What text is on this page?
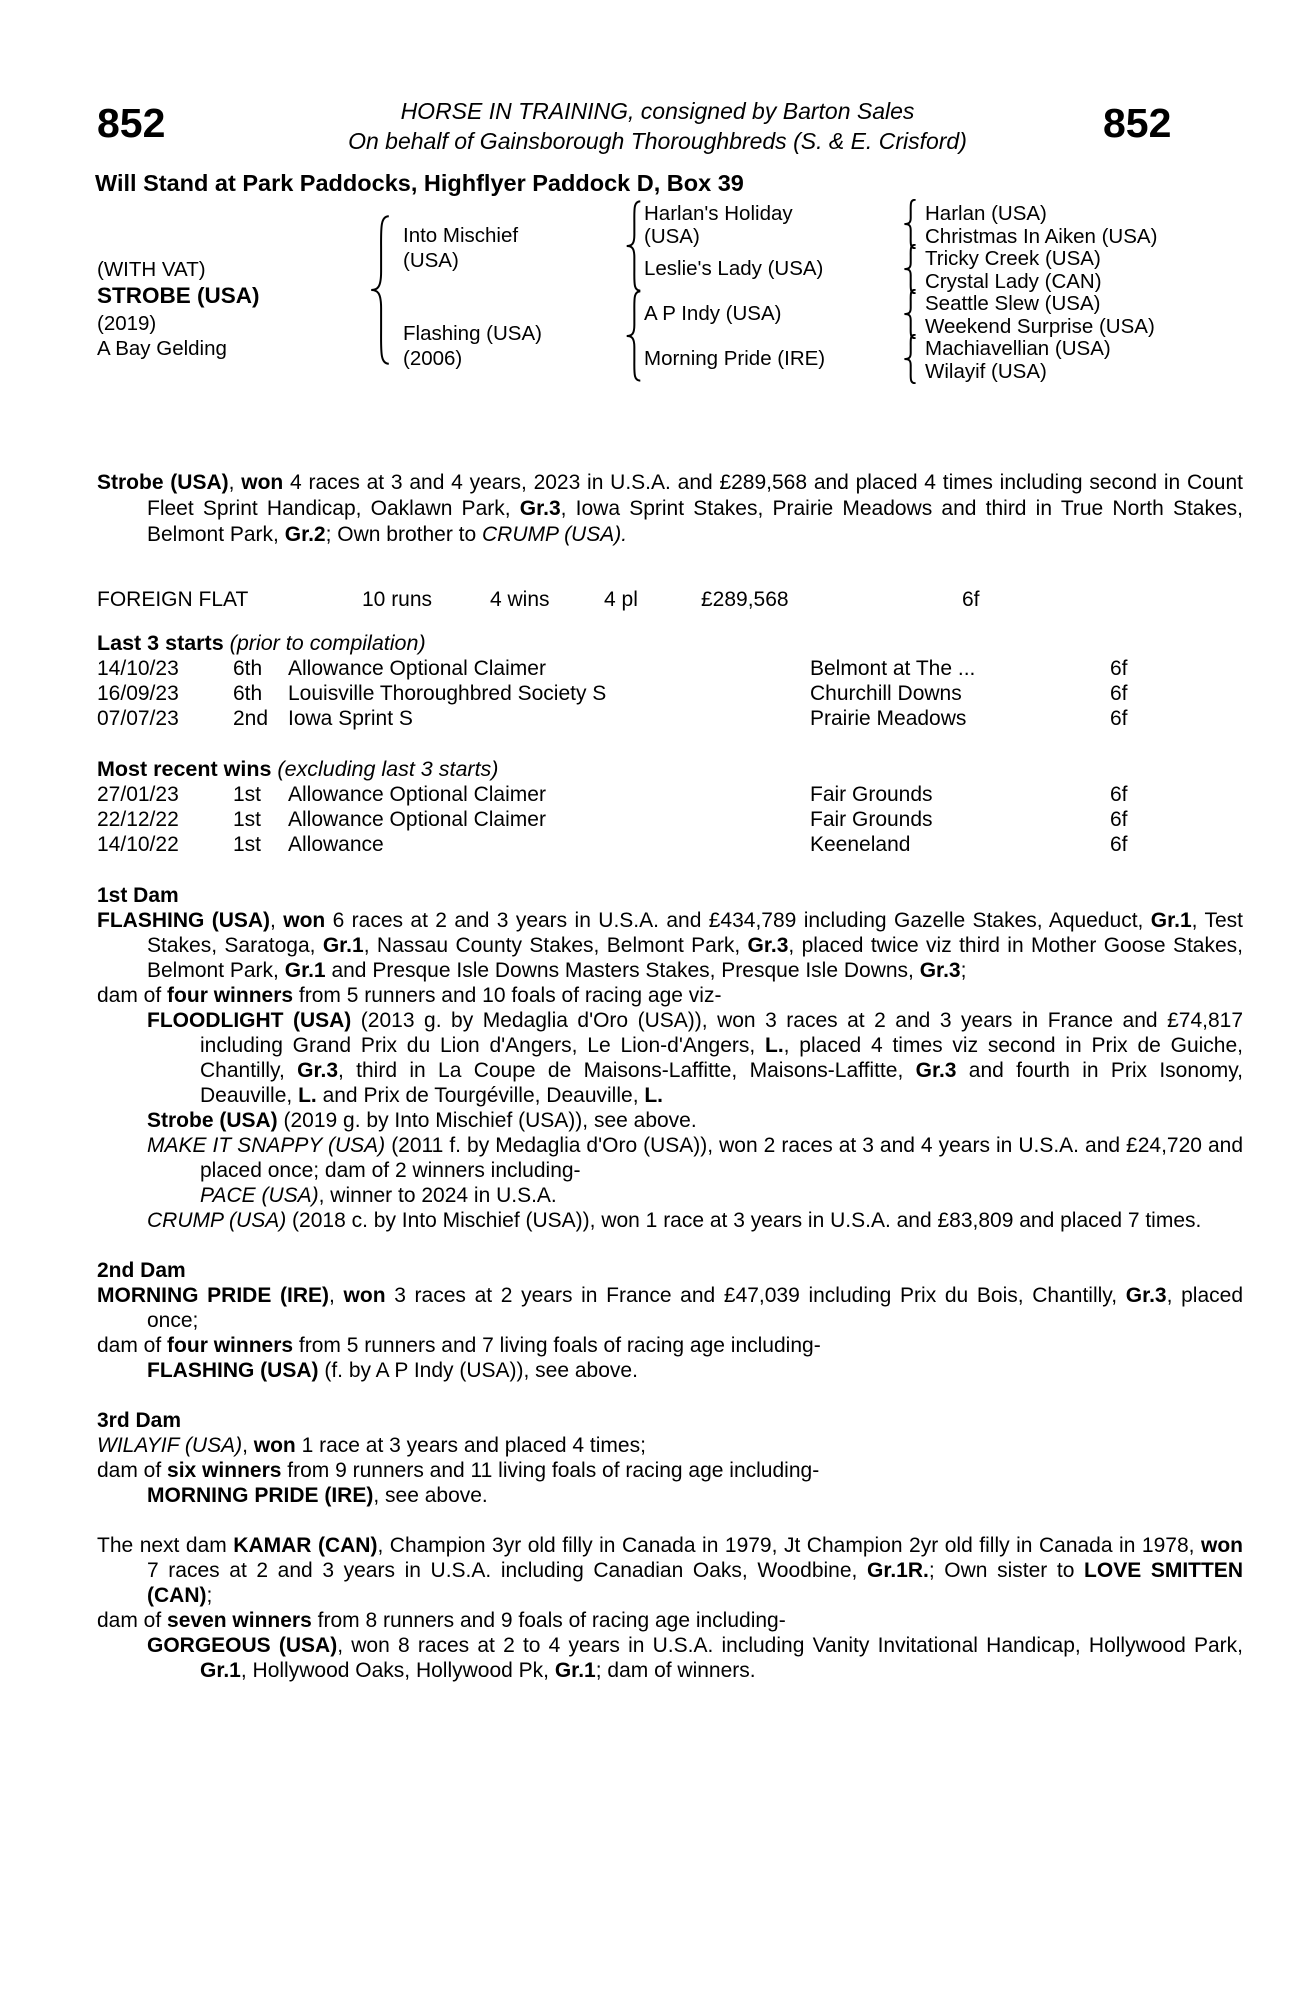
HORSE IN TRAINING, consigned by Barton Sales
852	On behalf of Gainsborough Thoroughbreds (S. & E. Crisford)	852
Will Stand at Park Paddocks, Highflyer Paddock D, Box 39
(WITH VAT)
STROBE (USA)
(2019)
A Bay Gelding
Into Mischief
(USA)
Flashing (USA)
(2006)
Harlan's Holiday
(USA)
Leslie's Lady (USA)
A P Indy (USA)
Morning Pride (IRE)
Harlan (USA)
Christmas In Aiken (USA)
Tricky Creek (USA)
Crystal Lady (CAN)
Seattle Slew (USA)
Weekend Surprise (USA)
Machiavellian (USA)
Wilayif (USA)

Strobe (USA), won 4 races at 3 and 4 years, 2023 in U.S.A. and £289,568 and placed 4 times including second in Count Fleet Sprint Handicap, Oaklawn Park, Gr.3, Iowa Sprint Stakes, Prairie Meadows and third in True North Stakes, Belmont Park, Gr.2; Own brother to CRUMP (USA).

FOREIGN FLAT	10 runs	4 wins	4 pl	£289,568	6f
Last 3 starts (prior to compilation)
14/10/23	6th Allowance Optional Claimer	Belmont at The ...	6f
16/09/23	6th Louisville Thoroughbred Society S	Churchill Downs	6f
07/07/23	2nd Iowa Sprint S	Prairie Meadows	6f
Most recent wins (excluding last 3 starts)
27/01/23	1st Allowance Optional Claimer	Fair Grounds	6f
22/12/22	1st Allowance Optional Claimer	Fair Grounds	6f
14/10/22	1st Allowance	Keeneland	6f

1st Dam

FLASHING (USA), won 6 races at 2 and 3 years in U.S.A. and £434,789 including Gazelle Stakes, Aqueduct, Gr.1, Test Stakes, Saratoga, Gr.1, Nassau County Stakes, Belmont Park, Gr.3, placed twice viz third in Mother Goose Stakes, Belmont Park, Gr.1 and Presque Isle Downs Masters Stakes, Presque Isle Downs, Gr.3;

dam of four winners from 5 runners and 10 foals of racing age viz-

FLOODLIGHT (USA) (2013 g. by Medaglia d'Oro (USA)), won 3 races at 2 and 3 years in France and £74,817 including Grand Prix du Lion d'Angers, Le Lion-d'Angers, L., placed 4 times viz second in Prix de Guiche, Chantilly, Gr.3, third in La Coupe de Maisons-Laffitte, Maisons-Laffitte, Gr.3 and fourth in Prix Isonomy, Deauville, L. and Prix de Tourgéville, Deauville, L.

Strobe (USA) (2019 g. by Into Mischief (USA)), see above.

MAKE IT SNAPPY (USA) (2011 f. by Medaglia d'Oro (USA)), won 2 races at 3 and 4 years in U.S.A. and £24,720 and placed once; dam of 2 winners including-

PACE (USA), winner to 2024 in U.S.A.

CRUMP (USA) (2018 c. by Into Mischief (USA)), won 1 race at 3 years in U.S.A. and £83,809 and placed 7 times.

2nd Dam

MORNING PRIDE (IRE), won 3 races at 2 years in France and £47,039 including Prix du Bois, Chantilly, Gr.3, placed once;

dam of four winners from 5 runners and 7 living foals of racing age including-

FLASHING (USA) (f. by A P Indy (USA)), see above.

3rd Dam

WILAYIF (USA), won 1 race at 3 years and placed 4 times;

dam of six winners from 9 runners and 11 living foals of racing age including-

MORNING PRIDE (IRE), see above.

The next dam KAMAR (CAN), Champion 3yr old filly in Canada in 1979, Jt Champion 2yr old filly in Canada in 1978, won 7 races at 2 and 3 years in U.S.A. including Canadian Oaks, Woodbine, Gr.1R.; Own sister to LOVE SMITTEN (CAN);

dam of seven winners from 8 runners and 9 foals of racing age including-

GORGEOUS (USA), won 8 races at 2 to 4 years in U.S.A. including Vanity Invitational Handicap, Hollywood Park, Gr.1, Hollywood Oaks, Hollywood Pk, Gr.1; dam of winners.
